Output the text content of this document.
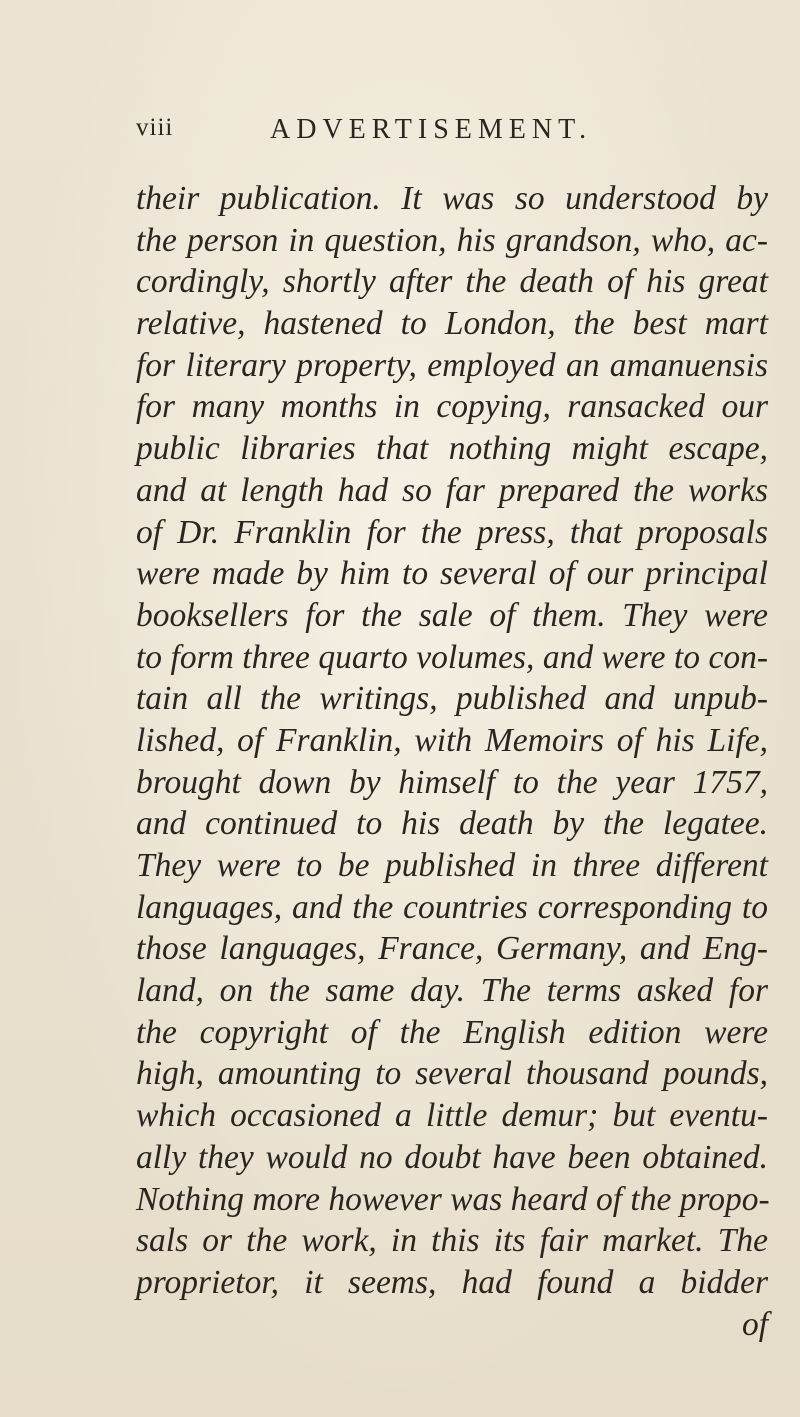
viii	ADVERTISEMENT.
their publication. It was so understood by
the person in question, his grandson, who, ac-
cordingly, shortly after the death of his great
relative, hastened to London, the best mart
for literary property, employed an amanuensis
for many months in copying, ransacked our
public libraries that nothing might escape,
and at length had so far prepared the works
of Dr. Franklin for the press, that proposals
were made by him to several of our principal
booksellers for the sale of them. They were
to form three quarto volumes, and were to con-
tain all the writings, published and unpub-
lished, of Franklin, with Memoirs of his Life,
brought down by himself to the year 1757,
and continued to his death by the legatee.
They were to be published in three different
languages, and the countries corresponding to
those languages, France, Germany, and Eng-
land, on the same day. The terms asked for
the copyright of the English edition were
high, amounting to several thousand pounds,
which occasioned a little demur; but eventu-
ally they would no doubt have been obtained.
Nothing more however was heard of the propo-
sals or the work, in this its fair market. The
proprietor, it seems, had found a bidder
of
